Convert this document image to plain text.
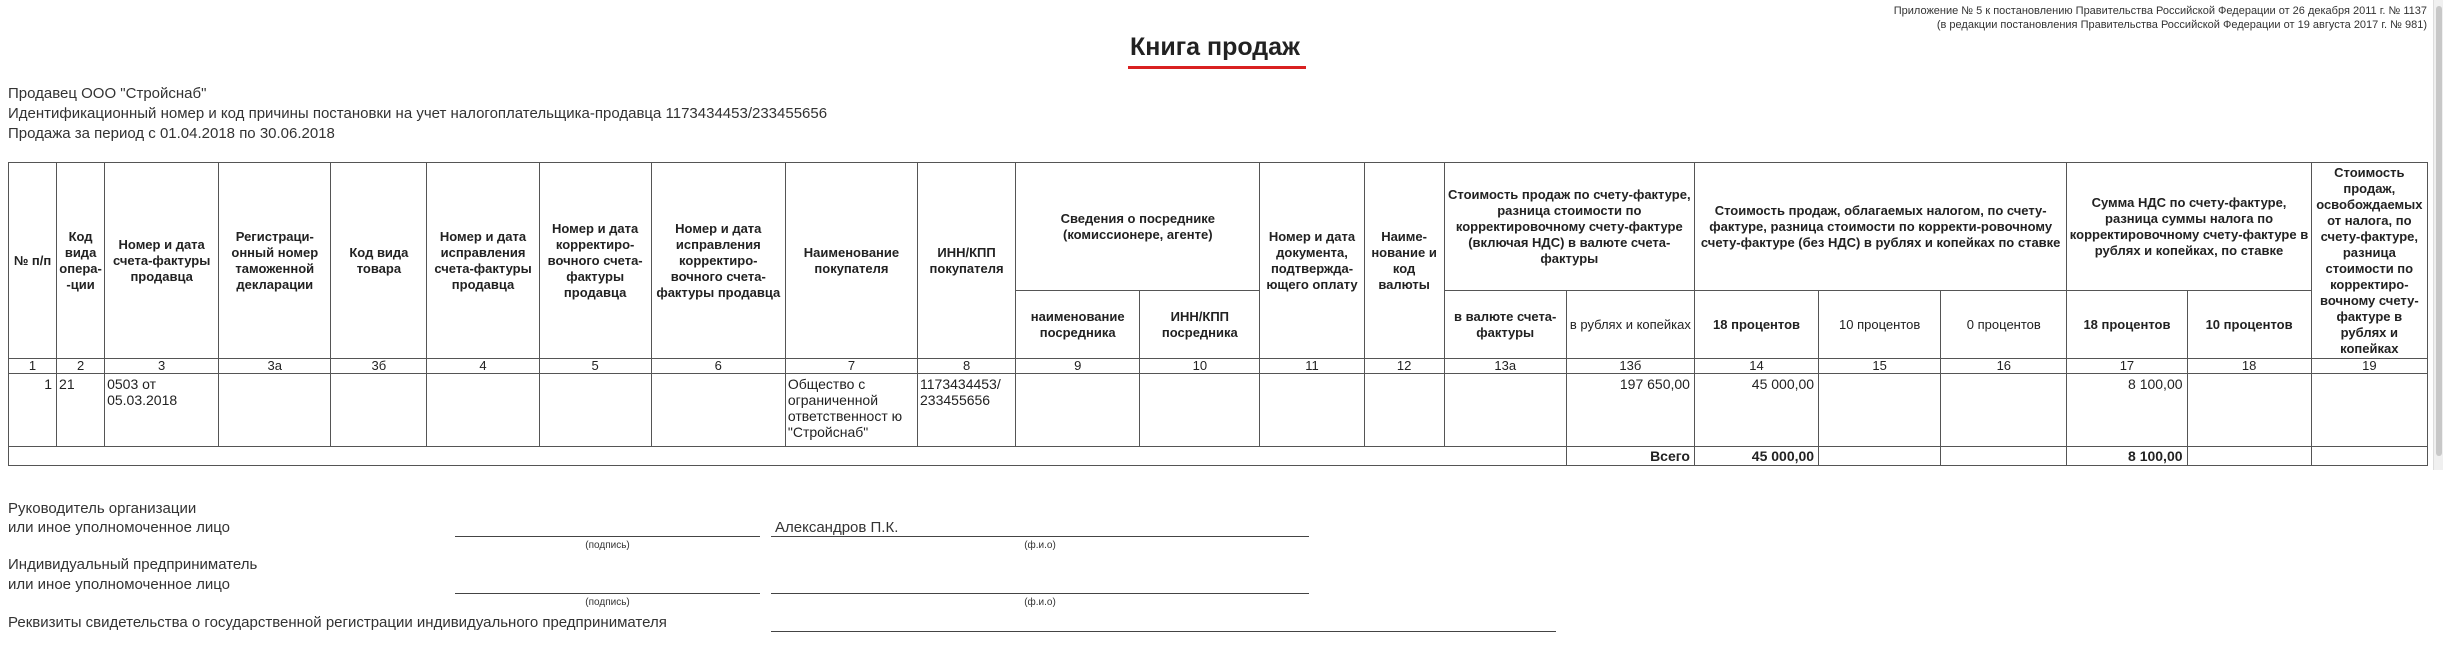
Приложение № 5 к постановлению Правительства Российской Федерации от 26 декабря 2011 г. № 1137
(в редакции постановления Правительства Российской Федерации от 19 августа 2017 г. № 981)
Книга продаж
Продавец ООО "Стройснаб"
Идентификационный номер и код причины постановки на учет налогоплательщика-продавца 1173434453/233455656
Продажа за период с 01.04.2018 по 30.06.2018
№ п/п	Код вида опера--ции	Номер и дата счета-фактуры продавца	Регистраци-онный номер таможенной декларации	Код вида товара	Номер и дата исправления счета-фактуры продавца	Номер и дата корректиро-вочного счета-фактуры продавца	Номер и дата исправления корректиро-вочного счета-фактуры продавца	Наименование покупателя	ИНН/КПП покупателя	Сведения о посреднике (комиссионере, агенте)		Номер и дата документа, подтвержда-ющего оплату	Наиме-нование и код валюты	Стоимость продаж по счету-фактуре, разница стоимости по корректировочному счету-фактуре (включая НДС) в валюте счета-фактуры		Стоимость продаж, облагаемых налогом, по счету-фактуре, разница стоимости по корректи-ровочному счету-фактуре (без НДС) в рублях и копейках по ставке			Сумма НДС по счету-фактуре, разница суммы налога по корректировочному счету-фактуре в рублях и копейках, по ставке		Стоимость продаж, освобождаемых от налога, по счету-фактуре, разница стоимости по корректиро-вочному счету-фактуре в рублях и копейках
										наименование посредника	ИНН/КПП посредника			в валюте счета-фактуры	в рублях и копейках	18 процентов	10 процентов	0 процентов	18 процентов	10 процентов	
1	2	3	3а	3б	4	5	6	7	8	9	10	11	12	13а	13б	14	15	16	17	18	19
1	21	0503 от 05.03.2018						Общество с ограниченной ответственност ю "Стройснаб"	1173434453/ 233455656						197 650,00	45 000,00			8 100,00		
															Всего	45 000,00			8 100,00		
Руководитель организации
или иное уполномоченное лицо
(подпись)
Александров П.К.
(ф.и.о)
Индивидуальный предприниматель
или иное уполномоченное лицо
(подпись)	(ф.и.о)
Реквизиты свидетельства о государственной регистрации индивидуального предпринимателя
